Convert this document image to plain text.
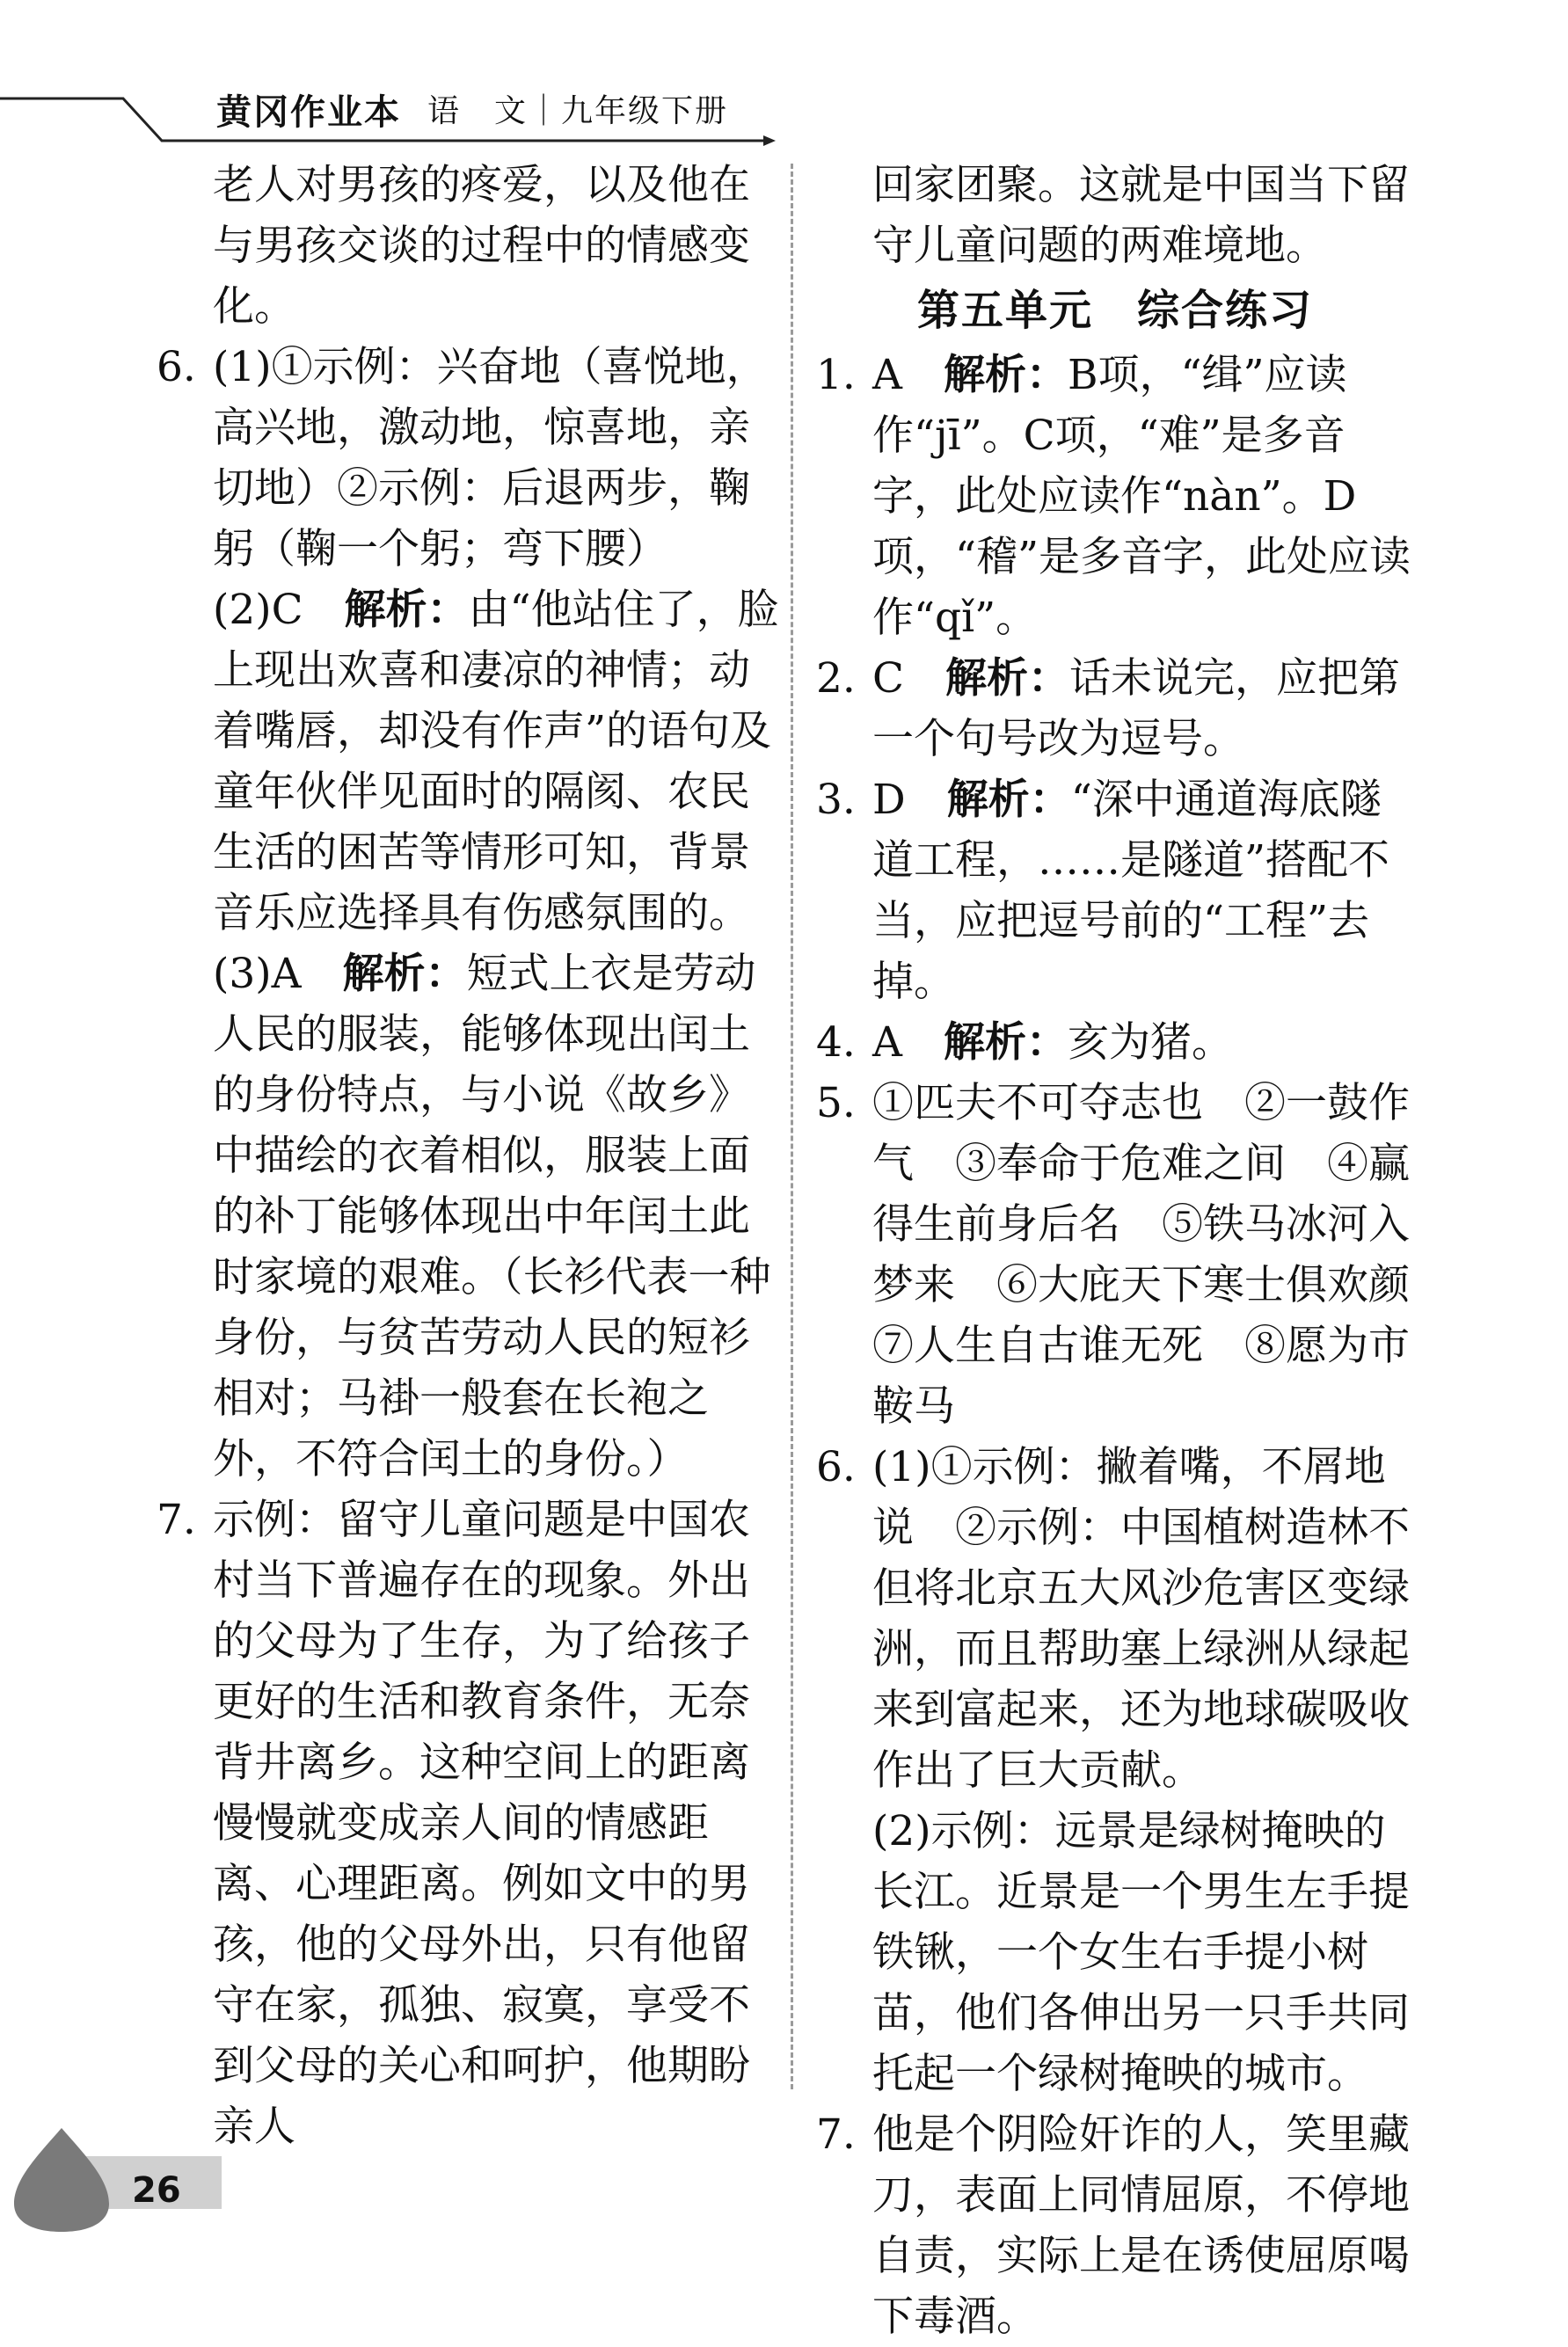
黄冈作业本 语　文｜九年级下册
老人对男孩的疼爱，以及他在与男孩交谈的过程中的情感变化。
6. (1)①示例：兴奋地（喜悦地，高兴地，激动地，惊喜地，亲切地）②示例：后退两步，鞠躬（鞠一个躬；弯下腰）
(2)C　解析：由“他站住了，脸上现出欢喜和凄凉的神情；动着嘴唇，却没有作声”的语句及童年伙伴见面时的隔阂、农民生活的困苦等情形可知，背景音乐应选择具有伤感氛围的。
(3)A　解析：短式上衣是劳动人民的服装，能够体现出闰土的身份特点，与小说《故乡》中描绘的衣着相似，服装上面的补丁能够体现出中年闰土此时家境的艰难。（长衫代表一种身份，与贫苦劳动人民的短衫相对；马褂一般套在长袍之外，不符合闰土的身份。）
7. 示例：留守儿童问题是中国农村当下普遍存在的现象。外出的父母为了生存，为了给孩子更好的生活和教育条件，无奈背井离乡。这种空间上的距离慢慢就变成亲人间的情感距离、心理距离。例如文中的男孩，他的父母外出，只有他留守在家，孤独、寂寞，享受不到父母的关心和呵护，他期盼亲人
回家团聚。这就是中国当下留守儿童问题的两难境地。
第五单元　综合练习
1. A　解析：B项，“缉”应读作“jī”。C项，“难”是多音字，此处应读作“nàn”。D项，“稽”是多音字，此处应读作“qǐ”。
2. C　解析：话未说完，应把第一个句号改为逗号。
3. D　解析：“深中通道海底隧道工程，……是隧道”搭配不当，应把逗号前的“工程”去掉。
4. A　解析：亥为猪。
5. ①匹夫不可夺志也　②一鼓作气　③奉命于危难之间　④赢得生前身后名　⑤铁马冰河入梦来　⑥大庇天下寒士俱欢颜　⑦人生自古谁无死　⑧愿为市鞍马
6. (1)①示例：撇着嘴，不屑地说　②示例：中国植树造林不但将北京五大风沙危害区变绿洲，而且帮助塞上绿洲从绿起来到富起来，还为地球碳吸收作出了巨大贡献。
(2)示例：远景是绿树掩映的长江。近景是一个男生左手提铁锹，一个女生右手提小树苗，他们各伸出另一只手共同托起一个绿树掩映的城市。
7. 他是个阴险奸诈的人，笑里藏刀，表面上同情屈原，不停地自责，实际上是在诱使屈原喝下毒酒。
26
